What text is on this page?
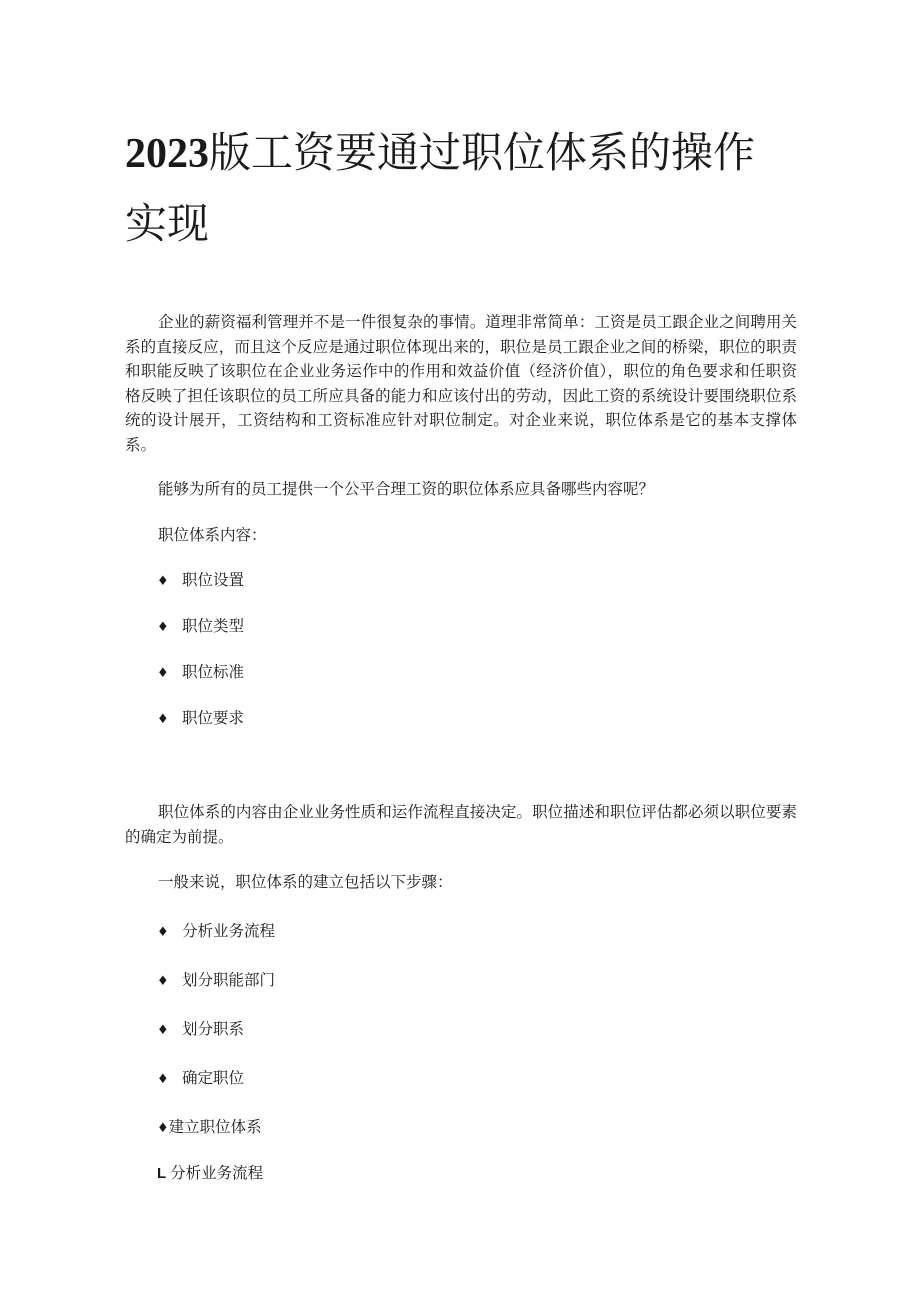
2023版工资要通过职位体系的操作实现

企业的薪资福利管理并不是一件很复杂的事情。道理非常简单：工资是员工跟企业之间聘用关系的直接反应，而且这个反应是通过职位体现出来的，职位是员工跟企业之间的桥梁，职位的职责和职能反映了该职位在企业业务运作中的作用和效益价值（经济价值），职位的角色要求和任职资格反映了担任该职位的员工所应具备的能力和应该付出的劳动，因此工资的系统设计要围绕职位系统的设计展开，工资结构和工资标准应针对职位制定。对企业来说，职位体系是它的基本支撑体系。

能够为所有的员工提供一个公平合理工资的职位体系应具备哪些内容呢？

职位体系内容：

♦ 职位设置

♦ 职位类型

♦ 职位标准

♦ 职位要求

职位体系的内容由企业业务性质和运作流程直接决定。职位描述和职位评估都必须以职位要素的确定为前提。

一般来说，职位体系的建立包括以下步骤：

♦ 分析业务流程

♦ 划分职能部门

♦ 划分职系

♦ 确定职位

♦建立职位体系

L 分析业务流程
